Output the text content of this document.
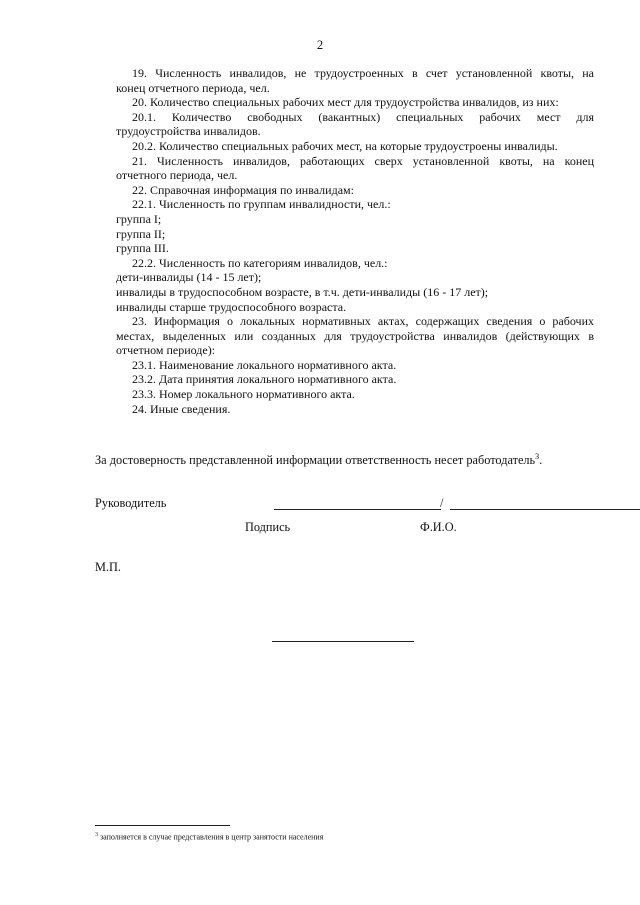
2

19. Численность инвалидов, не трудоустроенных в счет установленной квоты, на

конец отчетного периода, чел.

20. Количество специальных рабочих мест для трудоустройства инвалидов, из них:

20.1. Количество свободных (вакантных) специальных рабочих мест для

трудоустройства инвалидов.

20.2. Количество специальных рабочих мест, на которые трудоустроены инвалиды.

21. Численность инвалидов, работающих сверх установленной квоты, на конец

отчетного периода, чел.

22. Справочная информация по инвалидам:

22.1. Численность по группам инвалидности, чел.:

группа I;

группа II;

группа III.

22.2. Численность по категориям инвалидов, чел.:

дети-инвалиды (14 - 15 лет);

инвалиды в трудоспособном возрасте, в т.ч. дети-инвалиды (16 - 17 лет);

инвалиды старше трудоспособного возраста.

23. Информация о локальных нормативных актах, содержащих сведения о рабочих

местах, выделенных или созданных для трудоустройства инвалидов (действующих в

отчетном периоде):

23.1. Наименование локального нормативного акта.

23.2. Дата принятия локального нормативного акта.

23.3. Номер локального нормативного акта.

24. Иные сведения.

За достоверность представленной информации ответственность несет работодатель$^3$.
Руководитель	/
Подпись	Ф.И.О.
М.П.
$^3$ заполняется в случае представления в центр занятости населения
